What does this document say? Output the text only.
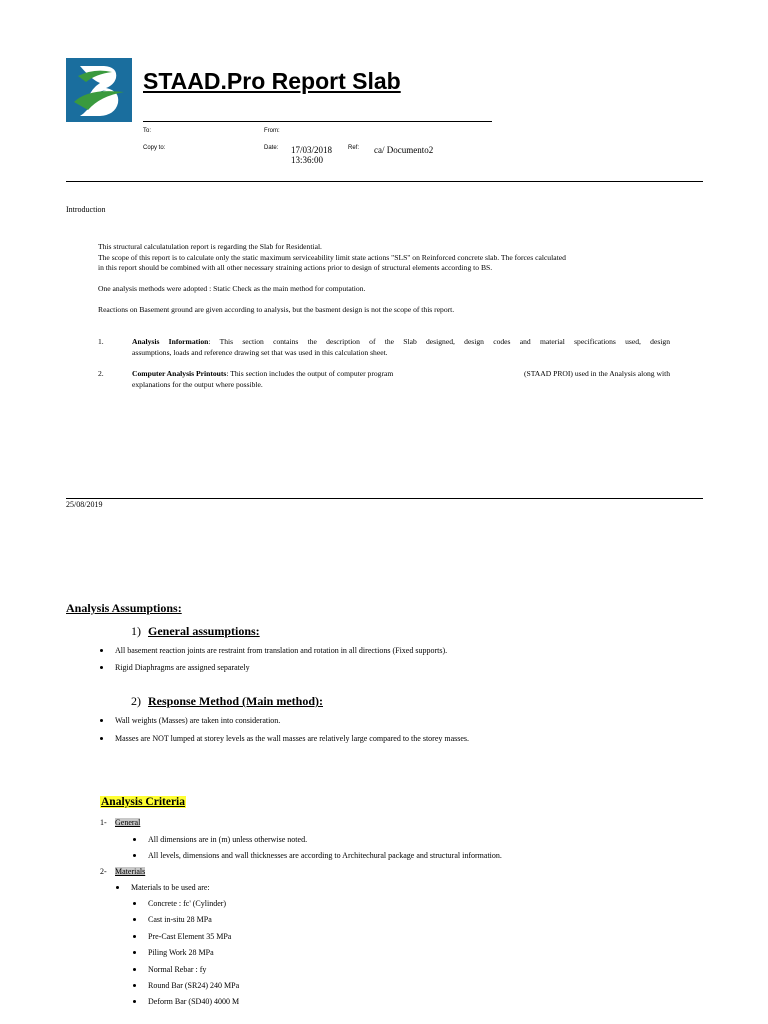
STAAD.Pro Report Slab
To:	From:
Copy to:	Date: 17/03/2018
13:36:00
Ref: ca/ Documento2
Introduction
This structural calculatulation report is regarding the Slab for Residential.
The scope of this report is to calculate only the static maximum serviceability limit state actions "SLS" on Reinforced concrete slab. The forces calculated
in this report should be combined with all other necessary straining actions prior to design of structural elements according to BS.
One analysis methods were adopted : Static Check as the main method for computation.
Reactions on Basement ground are given according to analysis, but the basment design is not the scope of this report.
1.	Analysis Information: This section contains the description of the Slab designed, design codes and material specifications used, design
assumptions, loads and reference drawing set that was used in this calculation sheet.
2.	Computer Analysis Printouts: This section includes the output of computer program	(STAAD PROI) used in the Analysis along with
explanations for the output where possible.
25/08/2019
Analysis Assumptions:
1) General assumptions:
All basement reaction joints are restraint from translation and rotation in all directions (Fixed supports).
Rigid Diaphragms are assigned separately
2) Response Method (Main method):
Wall weights (Masses) are taken into consideration.
Masses are NOT lumped at storey levels as the wall masses are relatively large compared to the storey masses.
Analysis Criteria
1- General
All dimensions are in (m) unless otherwise noted.
All levels, dimensions and wall thicknesses are according to Architechural package and structural information.
2- Materials
Materials to be used are:
Concrete : fc' (Cylinder)
Cast in-situ 28 MPa
Pre-Cast Element 35 MPa
Piling Work 28 MPa
Normal Rebar : fy
Round Bar (SR24) 240 MPa
Deform Bar (SD40) 4000 M
